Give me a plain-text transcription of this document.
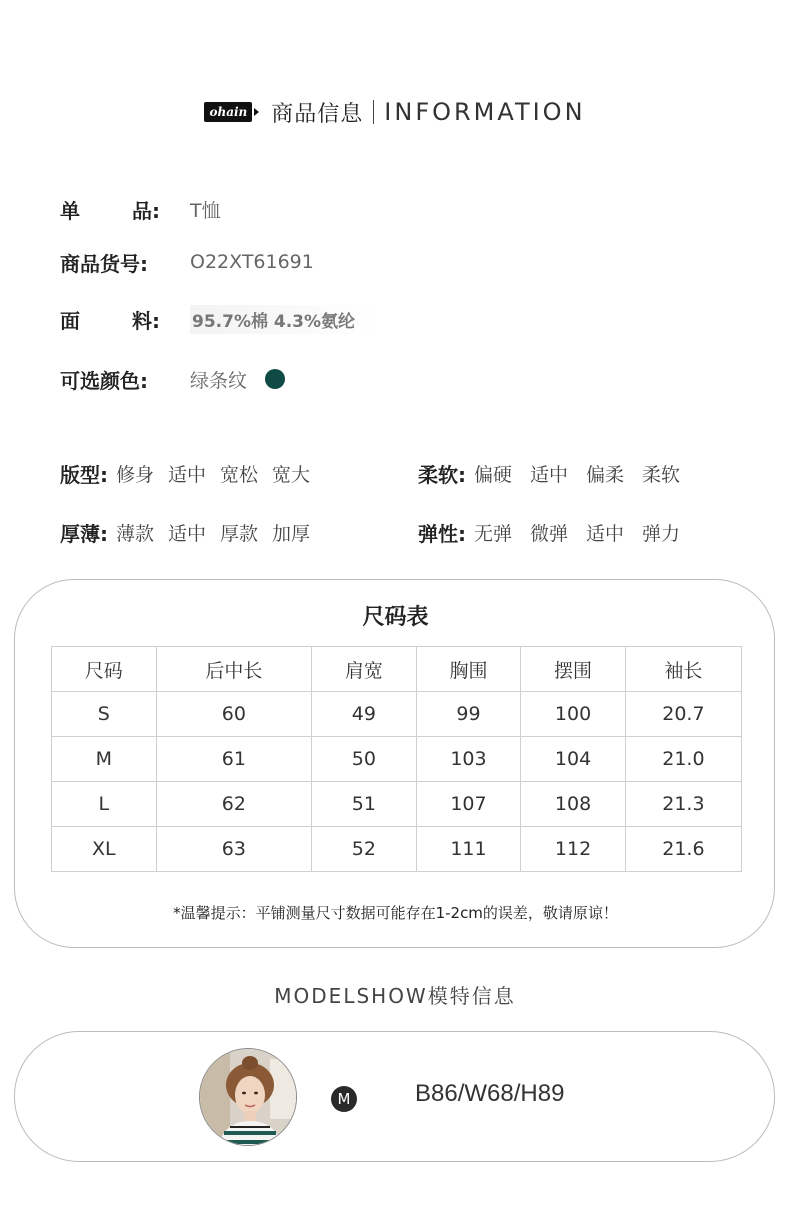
ohain 商品信息 INFORMATION
单	品: T恤
商品货号:	O22XT61691
面	料: 95.7%棉 4.3%氨纶
可选颜色:	绿条纹
版型: 修身 适中 宽松 宽大	柔软: 偏硬 适中 偏柔 柔软
厚薄: 薄款 适中 厚款 加厚	弹性: 无弹 微弹 适中 弹力
尺码表
尺码	后中长	肩宽	胸围	摆围	袖长
S	60	49	99	100	20.7
M	61	50	103	104	21.0
L	62	51	107	108	21.3
XL	63	52	111	112	21.6
*温馨提示：平铺测量尺寸数据可能存在1-2cm的误差，敬请原谅！
MODELSHOW模特信息
M	B86/W68/H89
